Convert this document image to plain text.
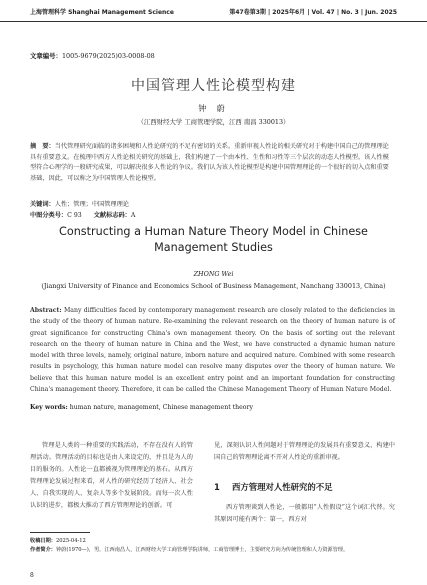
上海管理科学 Shanghai Management Science	第47卷第3期 | 2025年6月 | Vol. 47 | No. 3 | Jun. 2025
文章编号：1005-9679(2025)03-0008-08
中国管理人性论模型构建
钟 蔚
（江西财经大学 工商管理学院，江西 南昌 330013）
摘　要：当代管理研究面临的诸多困境和人性论研究的不足有密切的关系。重新审视人性论的相关研究对于构建中国自己的管理理论具有重要意义。在梳理中西方人性论相关研究的基础上，我们构建了一个由本性、生性和习性等三个层次的动态人性模型。该人性模型符合心理学的一般研究成果，可以解决很多人性论的争议。我们认为该人性论模型是构建中国管理理论的一个很好的切入点和重要基础，因此，可以称之为中国管理人性论模型。
关键词：人性；管理；中国管理理论
中图分类号：C 93 文献标志码：A
Constructing a Human Nature Theory Model in Chinese Management Studies
ZHONG Wei
(Jiangxi University of Finance and Economics School of Business Management, Nanchang 330013, China)
Abstract: Many difficulties faced by contemporary management research are closely related to the deficiencies in the study of the theory of human nature. Re-examining the relevant research on the theory of human nature is of great significance for constructing China's own management theory. On the basis of sorting out the relevant research on the theory of human nature in China and the West, we have constructed a dynamic human nature model with three levels, namely, original nature, inborn nature and acquired nature. Combined with some research results in psychology, this human nature model can resolve many disputes over the theory of human nature. We believe that this human nature model is an excellent entry point and an important foundation for constructing China's management theory. Therefore, it can be called the Chinese Management Theory of Human Nature Model.
Key words: human nature, management, Chinese management theory
管理是人类的一种重要的实践活动，不存在没有人的管理活动。管理活动的目标也是由人来设定的，并且是为人的目的服务的。人性论一直都被视为管理理论的基石。从西方管理理论发展过程来看，对人性的研究经历了经济人、社会人、自我实现的人、复杂人等多个发展阶段。而每一次人性认识的进步，都极大推动了西方管理理论的创新。可
见，深刻认识人性问题对于管理理论的发展具有重要意义，构建中国自己的管理理论离不开对人性论的重新审视。
1 西方管理对人性研究的不足
西方管理谈到人性论，一般都用“人性假设”这个词汇代替。究其原因可能有两个：第一，西方对
收稿日期：2025-04-12
作者简介：钟蔚(1970—)，男，江西南昌人，江西财经大学工商管理学院讲师，工商管理博士，主要研究方向为传统管理和人力资源管理。
8
